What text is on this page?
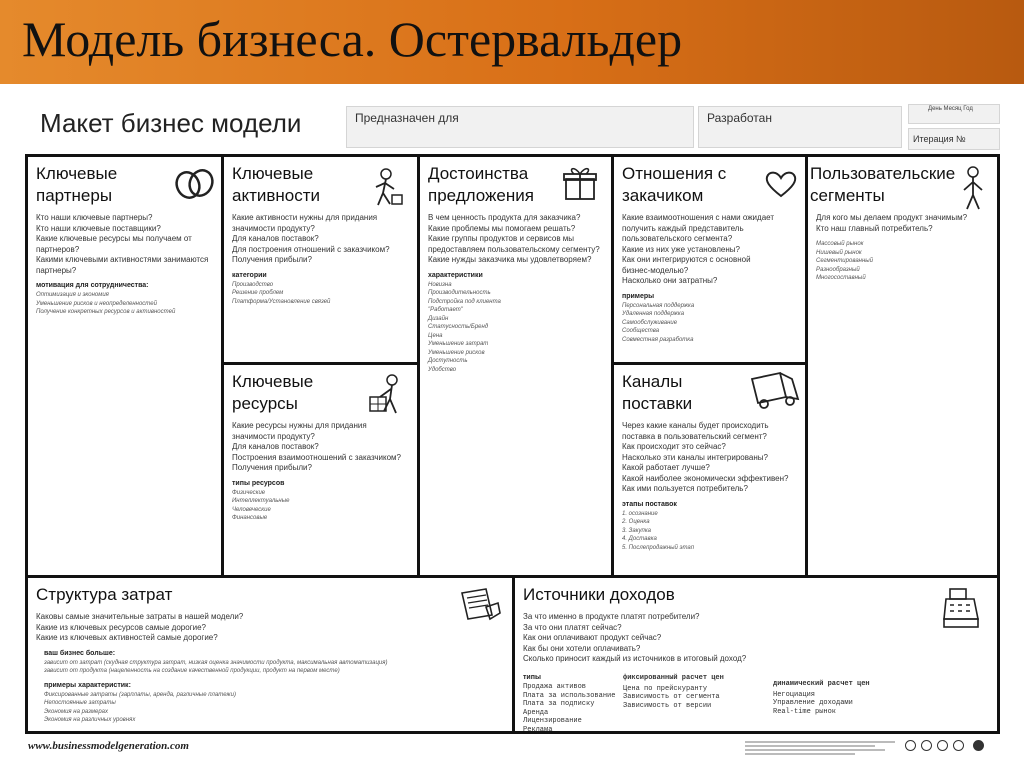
Модель бизнеса. Остервальдер
Макет бизнес модели	Предназначен для	Разработан
День Месяц Год
Итерация №
Ключевые
партнеры
Кто наши ключевые партнеры?
Кто наши ключевые поставщики?
Какие ключевые ресурсы мы получаем от
партнеров?
Какими ключевыми активностями занимаются
партнеры?
мотивация для сотрудничества:
Оптимизация и экономия
Уменьшение рисков и неопределенностей
Получение конкретных ресурсов и активностей
Ключевые
активности
Какие активности нужны для придания
значимости продукту?
Для каналов поставок?
Для построения отношений с заказчиком?
Получения прибыли?
категории
Производство
Решение проблем
Платформа/Установление связей
Ключевые
ресурсы
Какие ресурсы нужны для придания
значимости продукту?
Для каналов поставок?
Построения взаимоотношений с заказчиком?
Получения прибыли?
типы ресурсов
Физические
Интеллектуальные
Человеческие
Финансовые
Достоинства
предложения
В чем ценность продукта для заказчика?
Какие проблемы мы помогаем решать?
Какие группы продуктов и сервисов мы
предоставляем пользовательскому сегменту?
Какие нужды заказчика мы удовлетворяем?
характеристики
Новизна
Производительность
Подстройка под клиента
"Работает"
Дизайн
Статусность/Бренд
Цена
Уменьшение затрат
Уменьшение рисков
Доступность
Удобство
Отношения с
закачиком
Какие взаимоотношения с нами ожидает
получить каждый представитель
пользовательского сегмента?
Какие из них уже установлены?
Как они интегрируются с основной
бизнес-моделью?
Насколько они затратны?
примеры
Персональная поддержка
Удаленная поддержка
Самообслуживание
Сообщества
Совместная разработка
Каналы
поставки
Через какие каналы будет происходить
поставка в пользовательский сегмент?
Как происходит это сейчас?
Насколько эти каналы интегрированы?
Какой работает лучше?
Какой наиболее экономически эффективен?
Как ими пользуется потребитель?
этапы поставок
1. осознание
2. Оценка
3. Закупка
4. Доставка
5. Послепродажный этап
Пользовательские
сегменты
Для кого мы делаем продукт значимым?
Кто наш главный потребитель?
Массовый рынок
Нишевый рынок
Сегментированный
Разнообразный
Многосоставный
Структура затрат
Каковы самые значительные затраты в нашей модели?
Какие из ключевых ресурсов самые дорогие?
Какие из ключевых активностей самые дорогие?
ваш бизнес больше:
зависит от затрат (скудная структура затрат, низкая оценка значимости продукта, максимальная автоматизация)
зависит от продукта (нацеленность на создание качественной продукции, продукт на первом месте)
примеры характеристик:
Фиксированные затраты (зарплаты, аренда, различные платежи)
Непостоянные затраты
Экономия на размерах
Экономия на различных уровнях
Источники доходов
За что именно в продукте платят потребители?
За что они платят сейчас?
Как они оплачивают продукт сейчас?
Как бы они хотели оплачивать?
Сколько приносит каждый из источников в итоговый доход?
типы
Продажа активов
Плата за использование
Плата за подписку
Аренда
Лицензирование
Реклама
фиксированный расчет цен
Цена по прейскуранту
Зависимость от сегмента
Зависимость от версии
динамический расчет цен
Негоциация
Управление доходами
Real-time рынок
www.businessmodelgeneration.com
